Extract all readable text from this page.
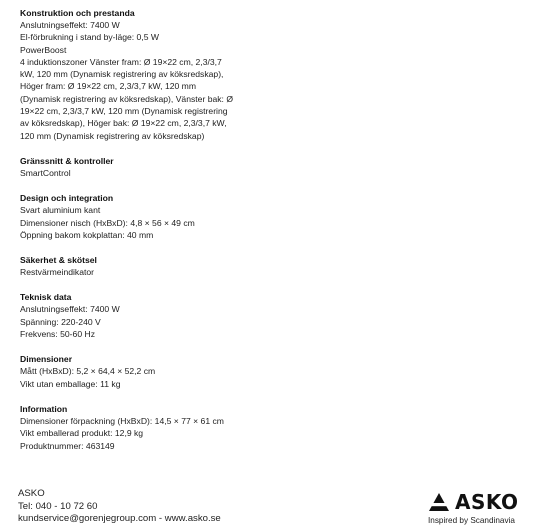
Konstruktion och prestanda
Anslutningseffekt: 7400 W
El-förbrukning i stand by-läge: 0,5 W
PowerBoost
4 induktionszoner Vänster fram: Ø 19×22 cm, 2,3/3,7
kW, 120 mm (Dynamisk registrering av köksredskap),
Höger fram: Ø 19×22 cm, 2,3/3,7 kW, 120 mm
(Dynamisk registrering av köksredskap), Vänster bak: Ø
19×22 cm, 2,3/3,7 kW, 120 mm (Dynamisk registrering
av köksredskap), Höger bak: Ø 19×22 cm, 2,3/3,7 kW,
120 mm (Dynamisk registrering av köksredskap)
Gränssnitt & kontroller
SmartControl
Design och integration
Svart aluminium kant
Dimensioner nisch (HxBxD): 4,8 × 56 × 49 cm
Öppning bakom kokplattan: 40 mm
Säkerhet & skötsel
Restvärmeindikator
Teknisk data
Anslutningseffekt: 7400 W
Spänning: 220-240 V
Frekvens: 50-60 Hz
Dimensioner
Mått (HxBxD): 5,2 × 64,4 × 52,2 cm
Vikt utan emballage: 11 kg
Information
Dimensioner förpackning (HxBxD): 14,5 × 77 × 61 cm
Vikt emballerad produkt: 12,9 kg
Produktnummer: 463149
ASKO
Tel: 040 - 10 72 60
kundservice@gorenjegroup.com - www.asko.se
ASKO
Inspired by Scandinavia
